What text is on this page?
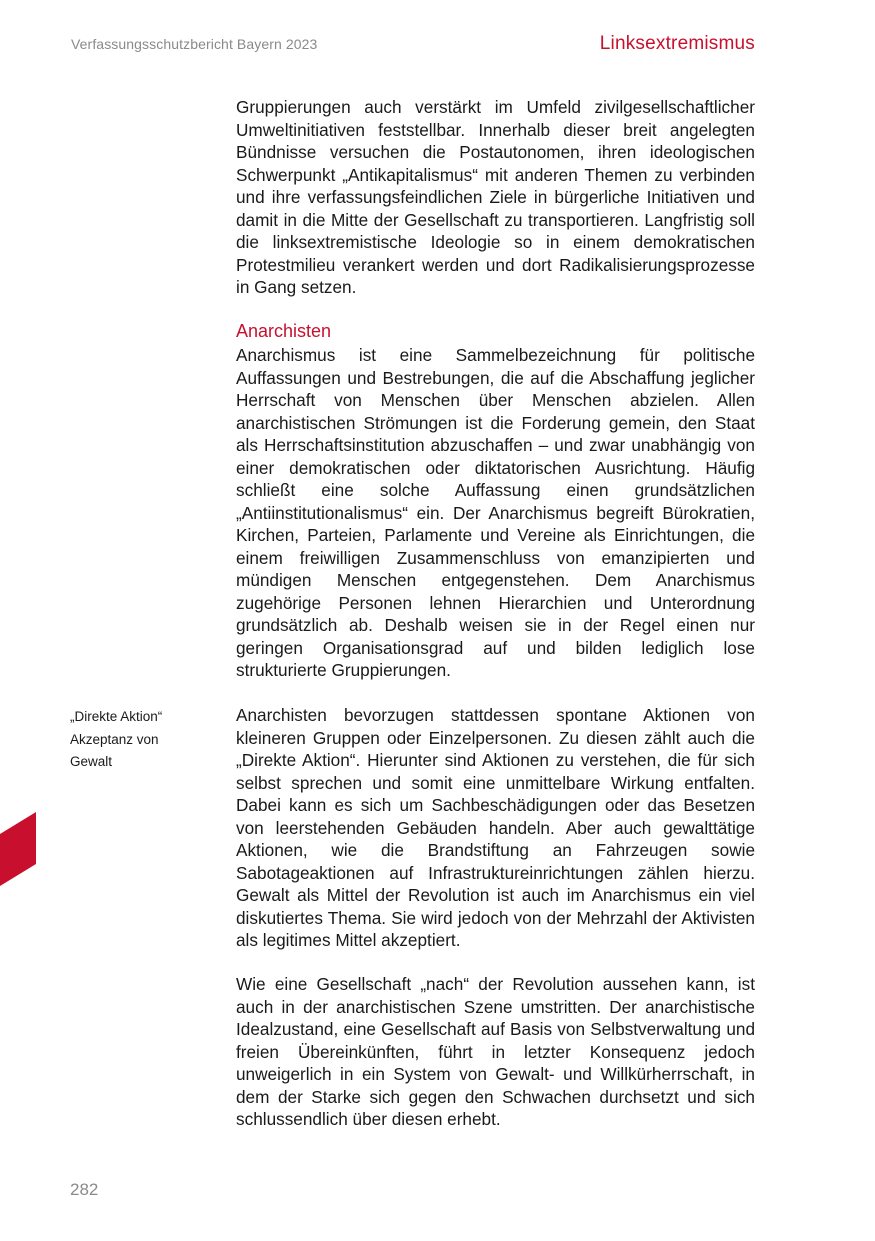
Verfassungsschutzbericht Bayern 2023	Linksextremismus

Gruppierungen auch verstärkt im Umfeld zivilgesellschaftlicher Umweltinitiativen feststellbar. Innerhalb dieser breit angelegten Bündnisse versuchen die Postautonomen, ihren ideologischen Schwerpunkt „Antikapitalismus“ mit anderen Themen zu verbinden und ihre verfassungsfeindlichen Ziele in bürgerliche Initiativen und damit in die Mitte der Gesellschaft zu transportieren. Langfristig soll die linksextremistische Ideologie so in einem demokratischen Protestmilieu verankert werden und dort Radikalisierungsprozesse in Gang setzen.

Anarchisten

Anarchismus ist eine Sammelbezeichnung für politische Auffassungen und Bestrebungen, die auf die Abschaffung jeglicher Herrschaft von Menschen über Menschen abzielen. Allen anarchistischen Strömungen ist die Forderung gemein, den Staat als Herrschaftsinstitution abzuschaffen – und zwar unabhängig von einer demokratischen oder diktatorischen Ausrichtung. Häufig schließt eine solche Auffassung einen grundsätzlichen „Antiinstitutionalismus“ ein. Der Anarchismus begreift Bürokratien, Kirchen, Parteien, Parlamente und Vereine als Einrichtungen, die einem freiwilligen Zusammenschluss von emanzipierten und mündigen Menschen entgegenstehen. Dem Anarchismus zugehörige Personen lehnen Hierarchien und Unterordnung grundsätzlich ab. Deshalb weisen sie in der Regel einen nur geringen Organisationsgrad auf und bilden lediglich lose strukturierte Gruppierungen.

„Direkte Aktion“
Akzeptanz von
Gewalt

Anarchisten bevorzugen stattdessen spontane Aktionen von kleineren Gruppen oder Einzelpersonen. Zu diesen zählt auch die „Direkte Aktion“. Hierunter sind Aktionen zu verstehen, die für sich selbst sprechen und somit eine unmittelbare Wirkung entfalten. Dabei kann es sich um Sachbeschädigungen oder das Besetzen von leerstehenden Gebäuden handeln. Aber auch gewalttätige Aktionen, wie die Brandstiftung an Fahrzeugen sowie Sabotageaktionen auf Infrastruktureinrichtungen zählen hierzu. Gewalt als Mittel der Revolution ist auch im Anarchismus ein viel diskutiertes Thema. Sie wird jedoch von der Mehrzahl der Aktivisten als legitimes Mittel akzeptiert.

Wie eine Gesellschaft „nach“ der Revolution aussehen kann, ist auch in der anarchistischen Szene umstritten. Der anarchistische Idealzustand, eine Gesellschaft auf Basis von Selbstverwaltung und freien Übereinkünften, führt in letzter Konsequenz jedoch unweigerlich in ein System von Gewalt- und Willkürherrschaft, in dem der Starke sich gegen den Schwachen durchsetzt und sich schlussendlich über diesen erhebt.

282
